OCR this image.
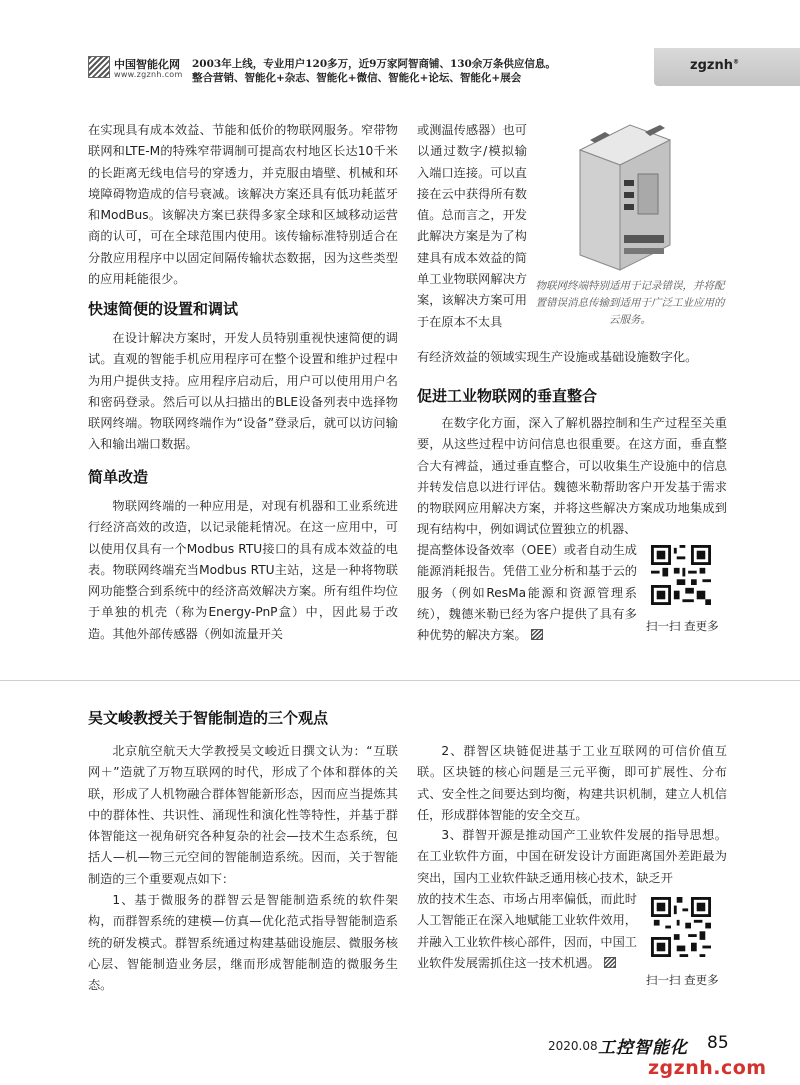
中国智能化网
www.zgznh.com
2003年上线，专业用户120多万，近9万家阿智商铺、130余万条供应信息。
整合营销、智能化+杂志、智能化+微信、智能化+论坛、智能化+展会
zgznh®

在实现具有成本效益、节能和低价的物联网服务。窄带物联网和LTE-M的特殊窄带调制可提高农村地区长达10千米的长距离无线电信号的穿透力，并克服由墙壁、机械和环境障碍物造成的信号衰减。该解决方案还具有低功耗蓝牙和ModBus。该解决方案已获得多家全球和区域移动运营商的认可，可在全球范围内使用。该传输标准特别适合在分散应用程序中以固定间隔传输状态数据，因为这些类型的应用耗能很少。

快速简便的设置和调试

在设计解决方案时，开发人员特别重视快速简便的调试。直观的智能手机应用程序可在整个设置和维护过程中为用户提供支持。应用程序启动后，用户可以使用用户名和密码登录。然后可以从扫描出的BLE设备列表中选择物联网终端。物联网终端作为“设备”登录后，就可以访问输入和输出端口数据。

简单改造

物联网终端的一种应用是，对现有机器和工业系统进行经济高效的改造，以记录能耗情况。在这一应用中，可以使用仅具有一个Modbus RTU接口的具有成本效益的电表。物联网终端充当Modbus RTU主站，这是一种将物联网功能整合到系统中的经济高效解决方案。所有组件均位于单独的机壳（称为Energy-PnP盒）中，因此易于改造。其他外部传感器（例如流量开关

或测温传感器）也可以通过数字/模拟输入端口连接。可以直接在云中获得所有数值。总而言之，开发此解决方案是为了构建具有成本效益的简单工业物联网解决方案，该解决方案可用于在原本不太具

物联网终端特别适用于记录错误，并将配置错误消息传输到适用于广泛工业应用的云服务。

有经济效益的领域实现生产设施或基础设施数字化。

促进工业物联网的垂直整合

在数字化方面，深入了解机器控制和生产过程至关重要，从这些过程中访问信息也很重要。在这方面，垂直整合大有裨益，通过垂直整合，可以收集生产设施中的信息并转发信息以进行评估。魏德米勒帮助客户开发基于需求的物联网应用解决方案，并将这些解决方案成功地集成到现有结构中，例如调试位置独立的机器、

提高整体设备效率（OEE）或者自动生成能源消耗报告。凭借工业分析和基于云的服务（例如ResMa能源和资源管理系统），魏德米勒已经为客户提供了具有多种优势的解决方案。

扫一扫 查更多
吴文峻教授关于智能制造的三个观点

北京航空航天大学教授吴文峻近日撰文认为：“互联网＋”造就了万物互联网的时代，形成了个体和群体的关联，形成了人机物融合群体智能新形态，因而应当提炼其中的群体性、共识性、涌现性和演化性等特性，并基于群体智能这一视角研究各种复杂的社会—技术生态系统，包括人—机—物三元空间的智能制造系统。因而，关于智能制造的三个重要观点如下：

1、基于微服务的群智云是智能制造系统的软件架构，而群智系统的建模—仿真—优化范式指导智能制造系统的研发模式。群智系统通过构建基础设施层、微服务核心层、智能制造业务层，继而形成智能制造的微服务生态。

2、群智区块链促进基于工业互联网的可信价值互联。区块链的核心问题是三元平衡，即可扩展性、分布式、安全性之间要达到均衡，构建共识机制，建立人机信任，形成群体智能的安全交互。

3、群智开源是推动国产工业软件发展的指导思想。在工业软件方面，中国在研发设计方面距离国外差距最为突出，国内工业软件缺乏通用核心技术，缺乏开

放的技术生态、市场占用率偏低，而此时人工智能正在深入地赋能工业软件效用，并融入工业软件核心部件，因而，中国工业软件发展需抓住这一技术机遇。

扫一扫 查更多
2020.08 工控智能化 85
zgznh.com
